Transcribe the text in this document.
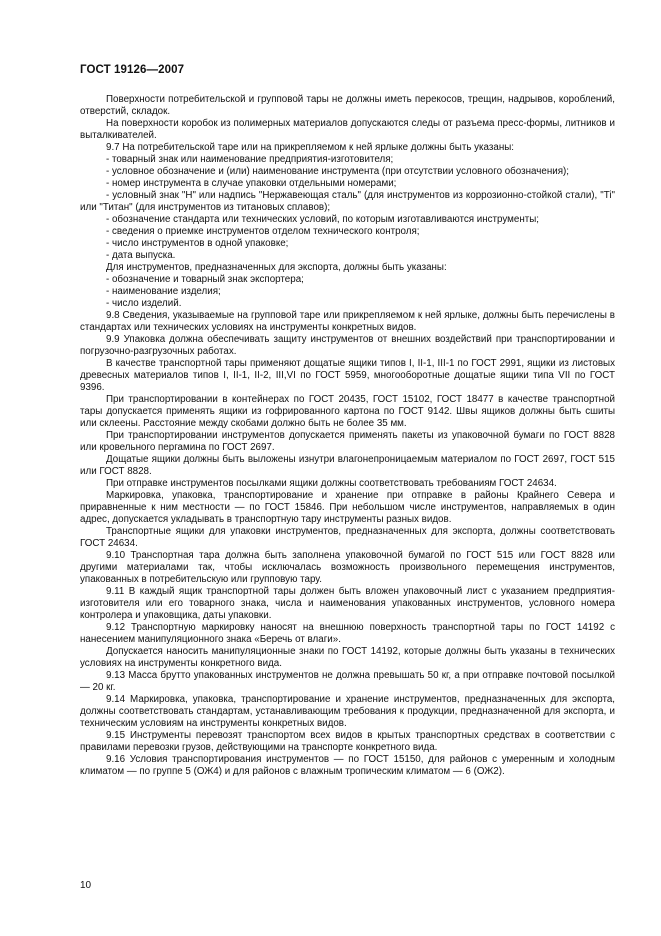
ГОСТ 19126—2007

Поверхности потребительской и групповой тары не должны иметь перекосов, трещин, надрывов, короблений, отверстий, складок.

На поверхности коробок из полимерных материалов допускаются следы от разъема пресс-формы, литников и выталкивателей.

9.7 На потребительской таре или на прикрепляемом к ней ярлыке должны быть указаны:

- товарный знак или наименование предприятия-изготовителя;

- условное обозначение и (или) наименование инструмента (при отсутствии условного обозначения);

- номер инструмента в случае упаковки отдельными номерами;

- условный знак "Н" или надпись "Нержавеющая сталь" (для инструментов из коррозионно-стойкой стали), "Ti" или "Титан" (для инструментов из титановых сплавов);

- обозначение стандарта или технических условий, по которым изготавливаются инструменты;

- сведения о приемке инструментов отделом технического контроля;

- число инструментов в одной упаковке;

- дата выпуска.

Для инструментов, предназначенных для экспорта, должны быть указаны:

- обозначение и товарный знак экспортера;

- наименование изделия;

- число изделий.

9.8 Сведения, указываемые на групповой таре или прикрепляемом к ней ярлыке, должны быть перечислены в стандартах или технических условиях на инструменты конкретных видов.

9.9 Упаковка должна обеспечивать защиту инструментов от внешних воздействий при транспортировании и погрузочно-разгрузочных работах.

В качестве транспортной тары применяют дощатые ящики типов I, II-1, III-1 по ГОСТ 2991, ящики из листовых древесных материалов типов I, II-1, II-2, III,VI по ГОСТ 5959, многооборотные дощатые ящики типа VII по ГОСТ 9396.

При транспортировании в контейнерах по ГОСТ 20435, ГОСТ 15102, ГОСТ 18477 в качестве транспортной тары допускается применять ящики из гофрированного картона по ГОСТ 9142. Швы ящиков должны быть сшиты или склеены. Расстояние между скобами должно быть не более 35 мм.

При транспортировании инструментов допускается применять пакеты из упаковочной бумаги по ГОСТ 8828 или кровельного пергамина по ГОСТ 2697.

Дощатые ящики должны быть выложены изнутри влагонепроницаемым материалом по ГОСТ 2697, ГОСТ 515 или ГОСТ 8828.

При отправке инструментов посылками ящики должны соответствовать требованиям ГОСТ 24634.

Маркировка, упаковка, транспортирование и хранение при отправке в районы Крайнего Севера и приравненные к ним местности — по ГОСТ 15846. При небольшом числе инструментов, направляемых в один адрес, допускается укладывать в транспортную тару инструменты разных видов.

Транспортные ящики для упаковки инструментов, предназначенных для экспорта, должны соответствовать ГОСТ 24634.

9.10 Транспортная тара должна быть заполнена упаковочной бумагой по ГОСТ 515 или ГОСТ 8828 или другими материалами так, чтобы исключалась возможность произвольного перемещения инструментов, упакованных в потребительскую или групповую тару.

9.11 В каждый ящик транспортной тары должен быть вложен упаковочный лист с указанием предприятия-изготовителя или его товарного знака, числа и наименования упакованных инструментов, условного номера контролера и упаковщика, даты упаковки.

9.12 Транспортную маркировку наносят на внешнюю поверхность транспортной тары по ГОСТ 14192 с нанесением манипуляционного знака «Беречь от влаги».

Допускается наносить манипуляционные знаки по ГОСТ 14192, которые должны быть указаны в технических условиях на инструменты конкретного вида.

9.13 Масса брутто упакованных инструментов не должна превышать 50 кг, а при отправке почтовой посылкой — 20 кг.

9.14 Маркировка, упаковка, транспортирование и хранение инструментов, предназначенных для экспорта, должны соответствовать стандартам, устанавливающим требования к продукции, предназначенной для экспорта, и техническим условиям на инструменты конкретных видов.

9.15 Инструменты перевозят транспортом всех видов в крытых транспортных средствах в соответствии с правилами перевозки грузов, действующими на транспорте конкретного вида.

9.16 Условия транспортирования инструментов — по ГОСТ 15150, для районов с умеренным и холодным климатом — по группе 5 (ОЖ4) и для районов с влажным тропическим климатом — 6 (ОЖ2).

10
